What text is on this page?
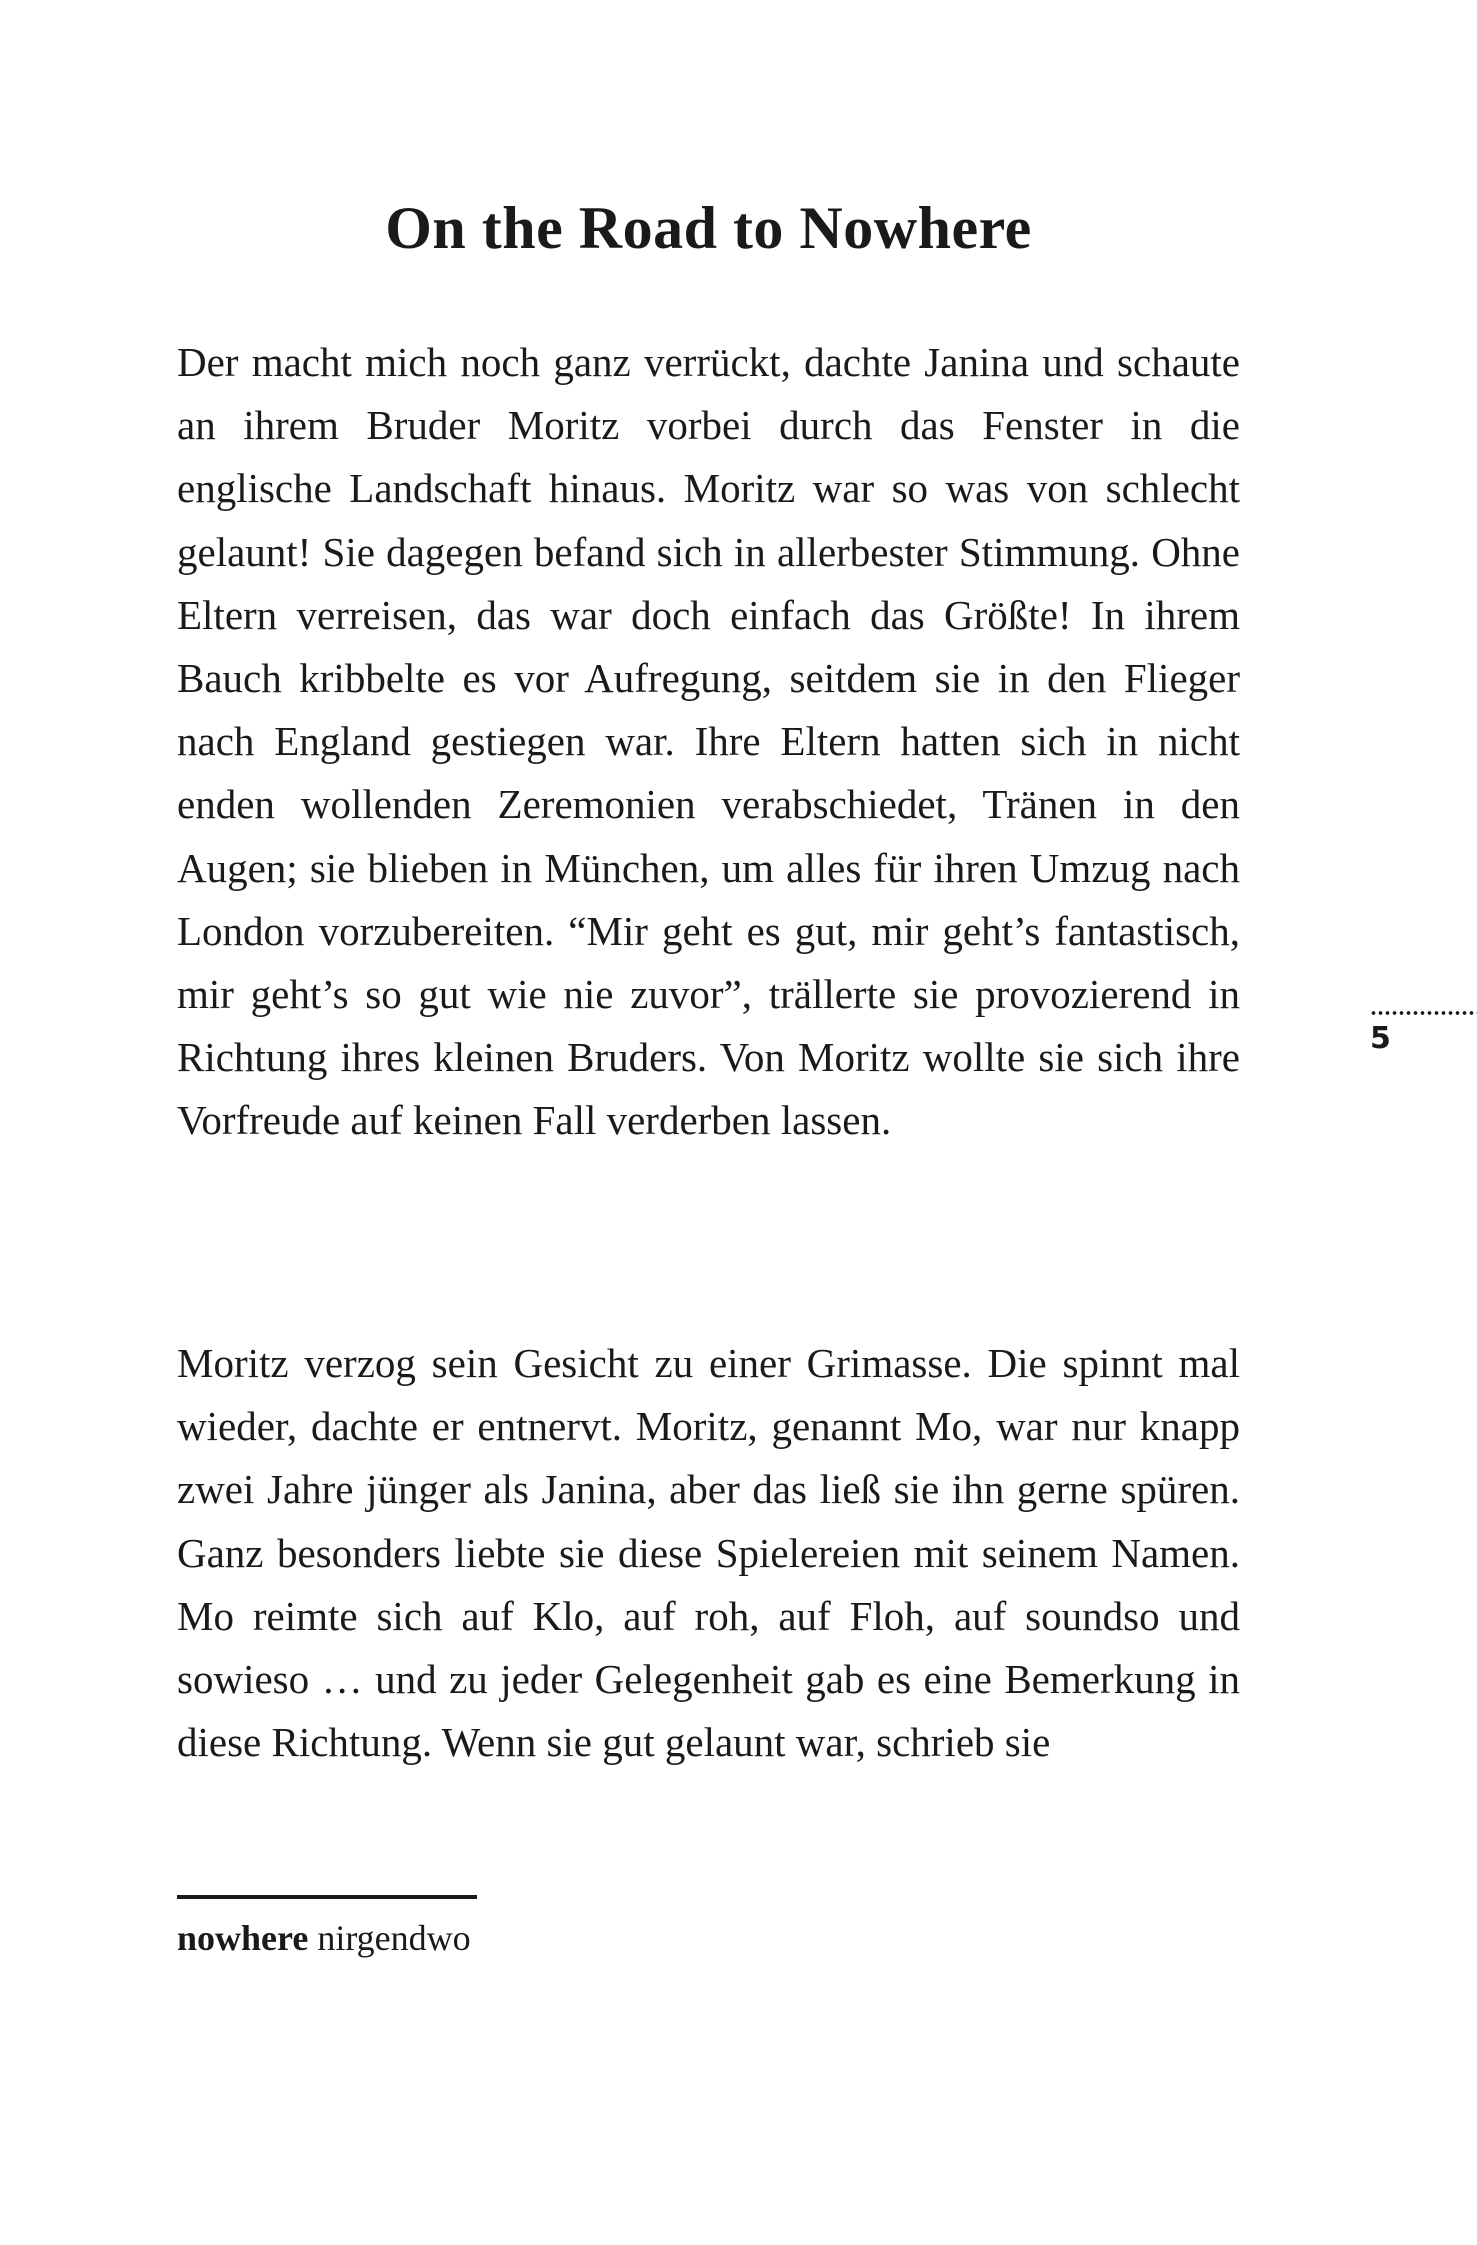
On the Road to Nowhere

Der macht mich noch ganz verrückt, dachte Janina und schaute an ihrem Bruder Moritz vorbei durch das Fenster in die englische Landschaft hinaus. Moritz war so was von schlecht gelaunt! Sie dagegen befand sich in allerbester Stimmung. Ohne Eltern verreisen, das war doch einfach das Größte! In ihrem Bauch kribbelte es vor Aufregung, seitdem sie in den Flieger nach England gestiegen war. Ihre Eltern hatten sich in nicht enden wollenden Zeremonien verabschiedet, Tränen in den Augen; sie blieben in München, um alles für ihren Umzug nach London vorzubereiten. “Mir geht es gut, mir geht’s fantastisch, mir geht’s so gut wie nie zuvor”, trällerte sie provozierend in Richtung ihres kleinen Bruders. Von Moritz wollte sie sich ihre Vorfreude auf keinen Fall verderben lassen.

Moritz verzog sein Gesicht zu einer Grimasse. Die spinnt mal wieder, dachte er entnervt. Moritz, genannt Mo, war nur knapp zwei Jahre jünger als Janina, aber das ließ sie ihn gerne spüren. Ganz besonders liebte sie diese Spielereien mit seinem Namen. Mo reimte sich auf Klo, auf roh, auf Floh, auf soundso und sowieso … und zu jeder Gelegenheit gab es eine Bemerkung in diese Richtung. Wenn sie gut gelaunt war, schrieb sie

nowhere nirgendwo
5
